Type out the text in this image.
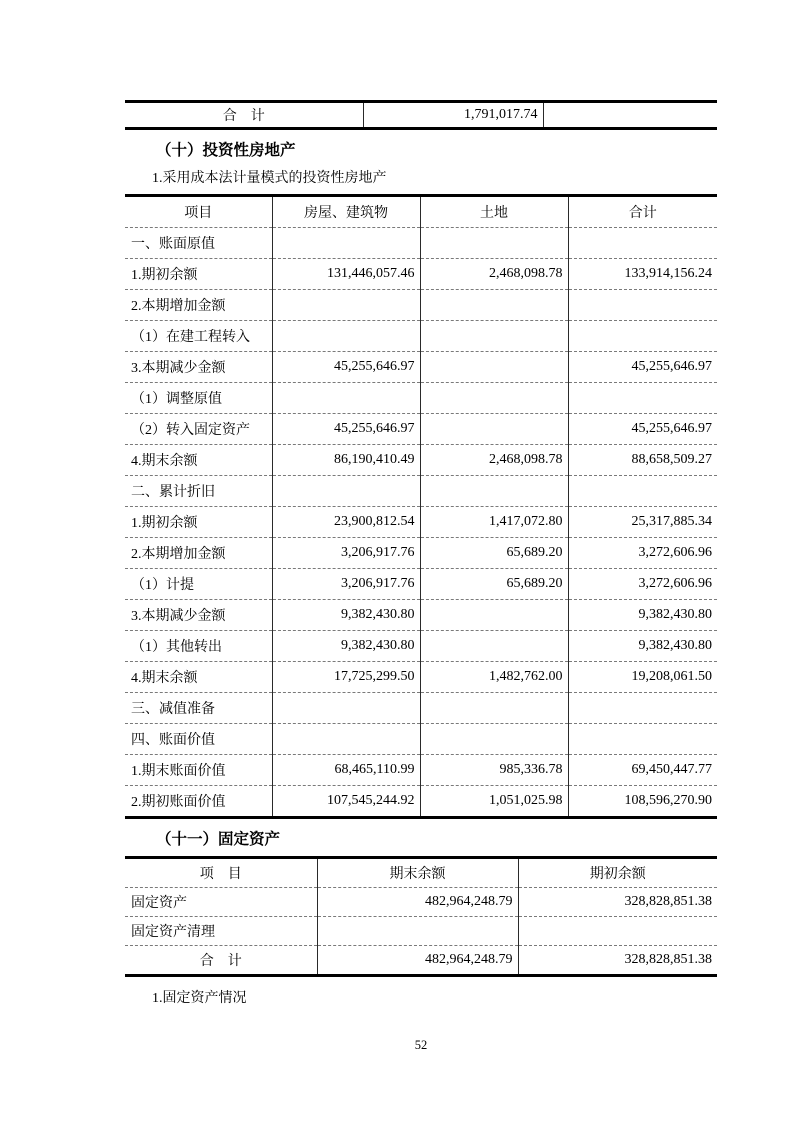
合　计	1,791,017.74	
（十）投资性房地产
1.采用成本法计量模式的投资性房地产
项目	房屋、建筑物	土地	合计
一、账面原值			
1.期初余额	131,446,057.46	2,468,098.78	133,914,156.24
2.本期增加金额			
（1）在建工程转入			
3.本期减少金额	45,255,646.97		45,255,646.97
（1）调整原值			
（2）转入固定资产	45,255,646.97		45,255,646.97
4.期末余额	86,190,410.49	2,468,098.78	88,658,509.27
二、累计折旧			
1.期初余额	23,900,812.54	1,417,072.80	25,317,885.34
2.本期增加金额	3,206,917.76	65,689.20	3,272,606.96
（1）计提	3,206,917.76	65,689.20	3,272,606.96
3.本期减少金额	9,382,430.80		9,382,430.80
（1）其他转出	9,382,430.80		9,382,430.80
4.期末余额	17,725,299.50	1,482,762.00	19,208,061.50
三、减值准备			
四、账面价值			
1.期末账面价值	68,465,110.99	985,336.78	69,450,447.77
2.期初账面价值	107,545,244.92	1,051,025.98	108,596,270.90
（十一）固定资产
项　目	期末余额	期初余额
固定资产	482,964,248.79	328,828,851.38
固定资产清理		
合　计	482,964,248.79	328,828,851.38
1.固定资产情况
52
